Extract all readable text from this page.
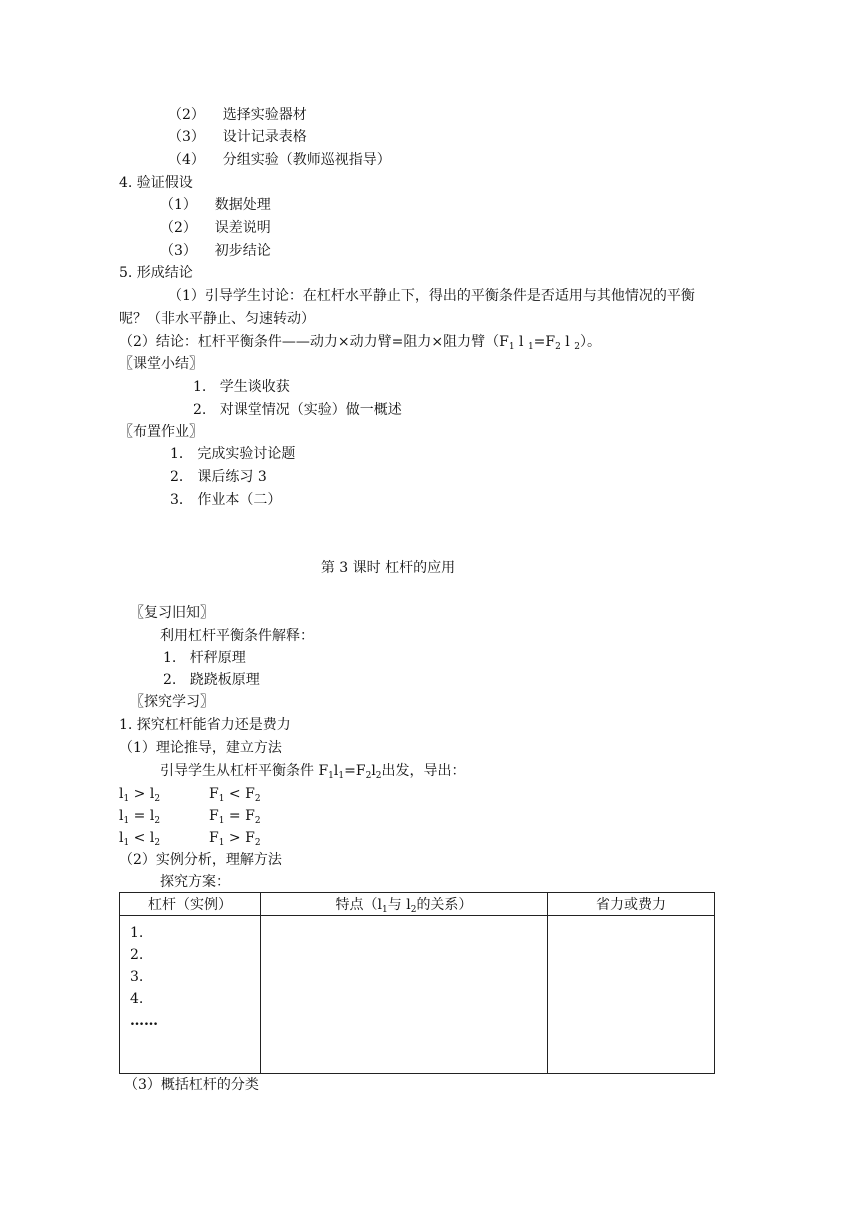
（2） 选择实验器材
（3） 设计记录表格
（4） 分组实验（教师巡视指导）
4. 验证假设
（1） 数据处理
（2） 误差说明
（3） 初步结论
5. 形成结论
（1）引导学生讨论：在杠杆水平静止下，得出的平衡条件是否适用与其他情况的平衡
呢？（非水平静止、匀速转动）
（2）结论：杠杆平衡条件——动力×动力臂=阻力×阻力臂（$F_1$ l $_1=F_2$ l $_2$）。
〖课堂小结〗
1. 学生谈收获
2. 对课堂情况（实验）做一概述
〖布置作业〗
1． 完成实验讨论题
2． 课后练习 3
3． 作业本（二）
第 3 课时 杠杆的应用
〖复习旧知〗
利用杠杆平衡条件解释：
1. 杆秤原理
2. 跷跷板原理
〖探究学习〗
1. 探究杠杆能省力还是费力
（1）理论推导，建立方法
引导学生从杠杆平衡条件 $F_1l_1=F_2l_2$出发，导出：
$l_1 > l_2$	$F_1 < F_2$
$l_1 = l_2$	$F_1 = F_2$
$l_1 < l_2$	$F_1 > F_2$
（2）实例分析，理解方法
探究方案：
杠杆（实例）	特点（$l_1$与 $l_2$的关系）	省力或费力

1.
2.
3.
4.
……		

（3）概括杠杆的分类
